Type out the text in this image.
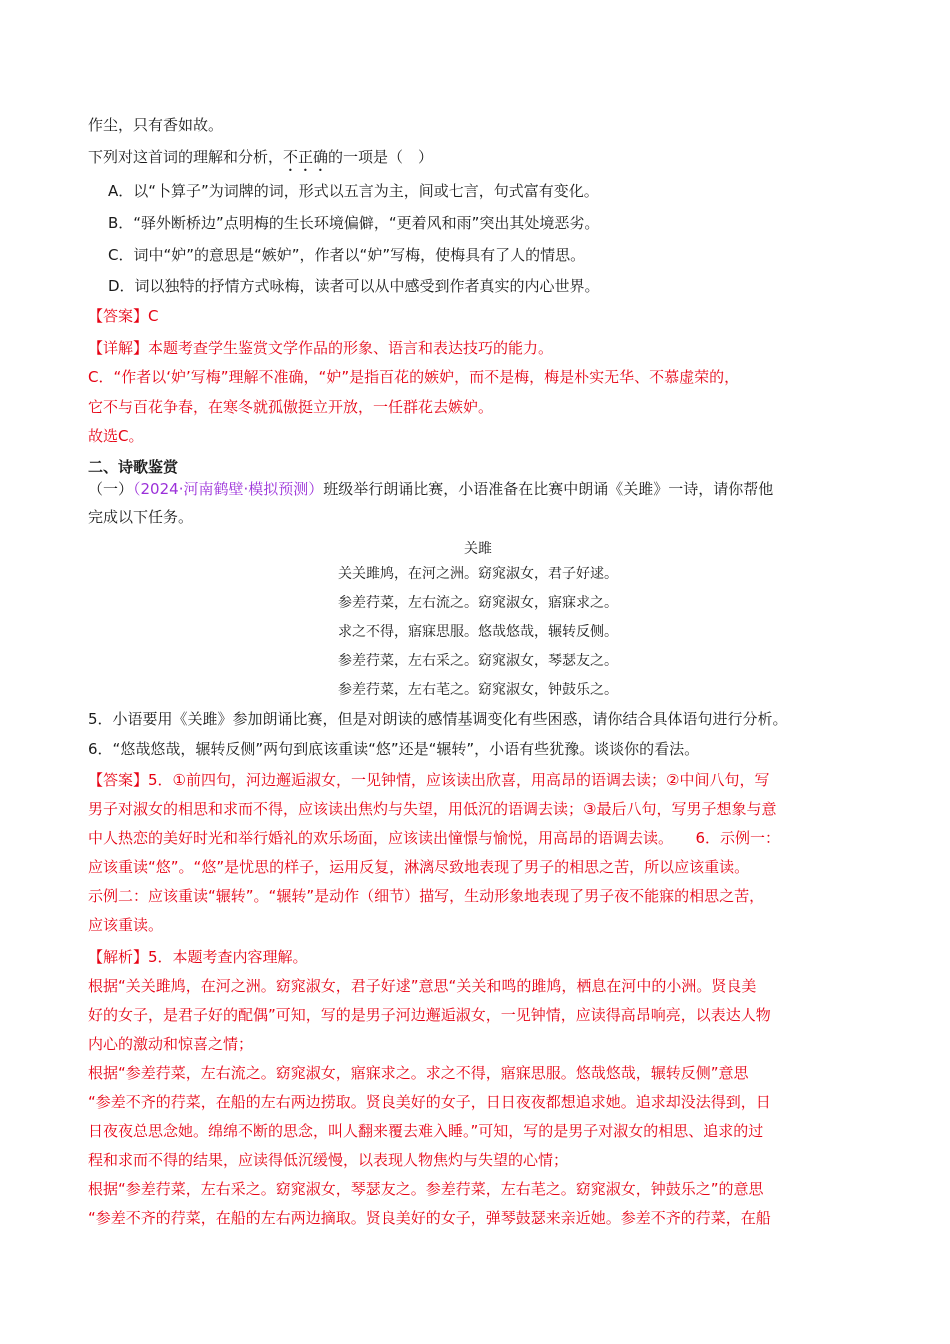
作尘，只有香如故。

下列对这首词的理解和分析，不正确的一项是（　）

A．以“卜算子”为词牌的词，形式以五言为主，间或七言，句式富有变化。

B．“驿外断桥边”点明梅的生长环境偏僻，“更着风和雨”突出其处境恶劣。

C．词中“妒”的意思是“嫉妒”，作者以“妒”写梅，使梅具有了人的情思。

D．词以独特的抒情方式咏梅，读者可以从中感受到作者真实的内心世界。

【答案】C

【详解】本题考查学生鉴赏文学作品的形象、语言和表达技巧的能力。

C．“作者以‘妒’写梅”理解不准确，“妒”是指百花的嫉妒，而不是梅，梅是朴实无华、不慕虚荣的，

它不与百花争春，在寒冬就孤傲挺立开放，一任群花去嫉妒。

故选C。

二、诗歌鉴赏

（一）（2024·河南鹤壁·模拟预测）班级举行朗诵比赛，小语准备在比赛中朗诵《关雎》一诗，请你帮他

完成以下任务。

关雎

关关雎鸠，在河之洲。窈窕淑女，君子好逑。

参差荇菜，左右流之。窈窕淑女，寤寐求之。

求之不得，寤寐思服。悠哉悠哉，辗转反侧。

参差荇菜，左右采之。窈窕淑女，琴瑟友之。

参差荇菜，左右芼之。窈窕淑女，钟鼓乐之。

5．小语要用《关雎》参加朗诵比赛，但是对朗读的感情基调变化有些困惑，请你结合具体语句进行分析。

6．“悠哉悠哉，辗转反侧”两句到底该重读“悠”还是“辗转”，小语有些犹豫。谈谈你的看法。

【答案】5．①前四句，河边邂逅淑女，一见钟情，应该读出欣喜，用高昂的语调去读；②中间八句，写

男子对淑女的相思和求而不得，应该读出焦灼与失望，用低沉的语调去读；③最后八句，写男子想象与意

中人热恋的美好时光和举行婚礼的欢乐场面，应该读出憧憬与愉悦，用高昂的语调去读。　　6．示例一：

应该重读“悠”。“悠”是忧思的样子，运用反复，淋漓尽致地表现了男子的相思之苦，所以应该重读。

示例二：应该重读“辗转”。“辗转”是动作（细节）描写，生动形象地表现了男子夜不能寐的相思之苦，

应该重读。

【解析】5．本题考查内容理解。

根据“关关雎鸠，在河之洲。窈窕淑女，君子好逑”意思“关关和鸣的雎鸠，栖息在河中的小洲。贤良美

好的女子，是君子好的配偶”可知，写的是男子河边邂逅淑女，一见钟情，应读得高昂响亮，以表达人物

内心的激动和惊喜之情；

根据“参差荇菜，左右流之。窈窕淑女，寤寐求之。求之不得，寤寐思服。悠哉悠哉，辗转反侧”意思

“参差不齐的荇菜，在船的左右两边捞取。贤良美好的女子，日日夜夜都想追求她。追求却没法得到，日

日夜夜总思念她。绵绵不断的思念，叫人翻来覆去难入睡。”可知，写的是男子对淑女的相思、追求的过

程和求而不得的结果，应读得低沉缓慢，以表现人物焦灼与失望的心情；

根据“参差荇菜，左右采之。窈窕淑女，琴瑟友之。参差荇菜，左右芼之。窈窕淑女，钟鼓乐之”的意思

“参差不齐的荇菜，在船的左右两边摘取。贤良美好的女子，弹琴鼓瑟来亲近她。参差不齐的荇菜，在船
